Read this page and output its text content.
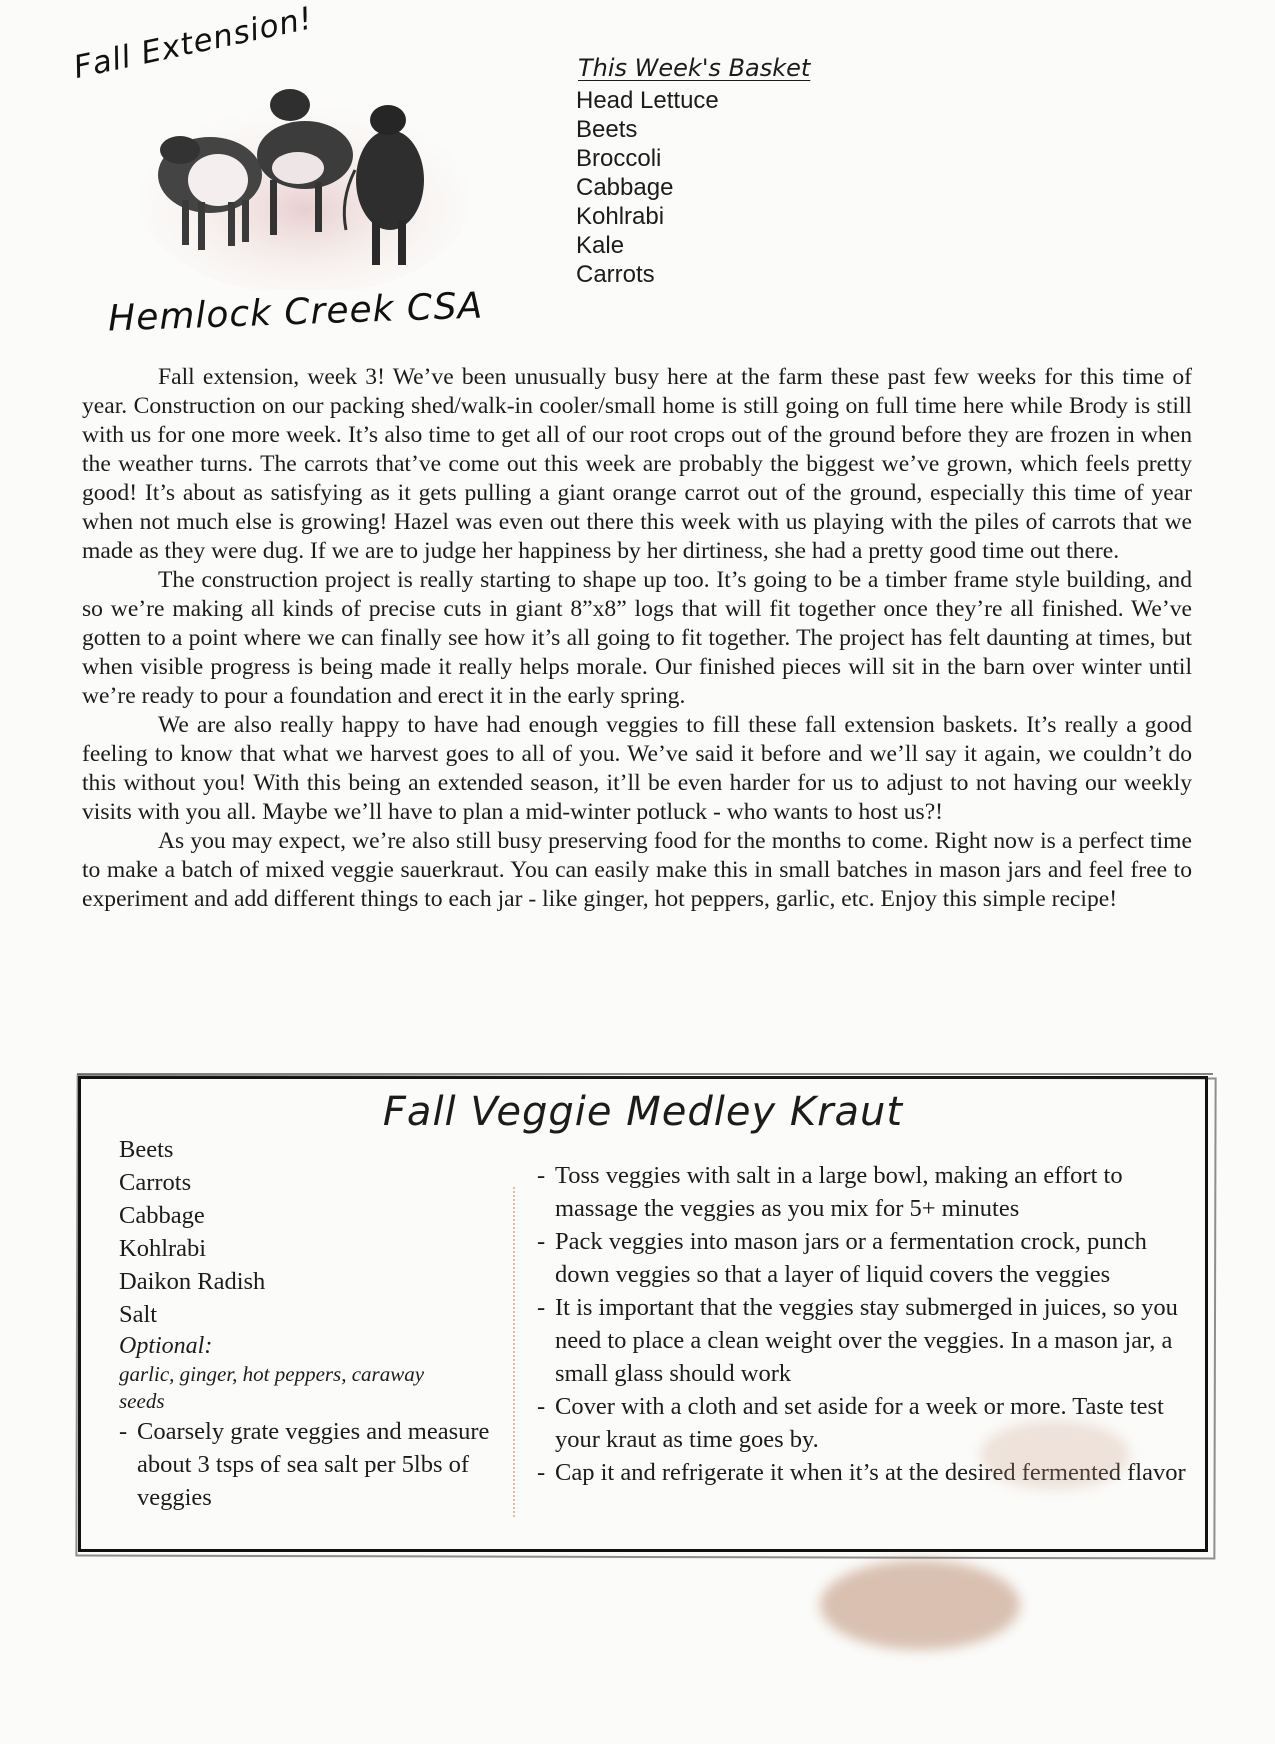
Fall Extension!
Hemlock Creek CSA
This Week's Basket
Head Lettuce
Beets
Broccoli
Cabbage
Kohlrabi
Kale
Carrots

Fall extension, week 3! We’ve been unusually busy here at the farm these past few weeks for this time of year. Construction on our packing shed/walk-in cooler/small home is still going on full time here while Brody is still with us for one more week. It’s also time to get all of our root crops out of the ground before they are frozen in when the weather turns. The carrots that’ve come out this week are probably the biggest we’ve grown, which feels pretty good! It’s about as satisfying as it gets pulling a giant orange carrot out of the ground, especially this time of year when not much else is growing! Hazel was even out there this week with us playing with the piles of carrots that we made as they were dug. If we are to judge her happiness by her dirtiness, she had a pretty good time out there.

The construction project is really starting to shape up too. It’s going to be a timber frame style building, and so we’re making all kinds of precise cuts in giant 8”x8” logs that will fit together once they’re all finished. We’ve gotten to a point where we can finally see how it’s all going to fit together. The project has felt daunting at times, but when visible progress is being made it really helps morale. Our finished pieces will sit in the barn over winter until we’re ready to pour a foundation and erect it in the early spring.

We are also really happy to have had enough veggies to fill these fall extension baskets. It’s really a good feeling to know that what we harvest goes to all of you. We’ve said it before and we’ll say it again, we couldn’t do this without you! With this being an extended season, it’ll be even harder for us to adjust to not having our weekly visits with you all. Maybe we’ll have to plan a mid-winter potluck - who wants to host us?!

As you may expect, we’re also still busy preserving food for the months to come. Right now is a perfect time to make a batch of mixed veggie sauerkraut. You can easily make this in small batches in mason jars and feel free to experiment and add different things to each jar - like ginger, hot peppers, garlic, etc. Enjoy this simple recipe!

Fall Veggie Medley Kraut
Beets
Carrots
Cabbage
Kohlrabi
Daikon Radish
Salt
Optional:
garlic, ginger, hot peppers, caraway seeds
- Coarsely grate veggies and measure about 3 tsps of sea salt per 5lbs of veggies
- Toss veggies with salt in a large bowl, making an effort to massage the veggies as you mix for 5+ minutes
- Pack veggies into mason jars or a fermentation crock, punch down veggies so that a layer of liquid covers the veggies
- It is important that the veggies stay submerged in juices, so you need to place a clean weight over the veggies. In a mason jar, a small glass should work
- Cover with a cloth and set aside for a week or more. Taste test your kraut as time goes by.
- Cap it and refrigerate it when it’s at the desired fermented flavor
